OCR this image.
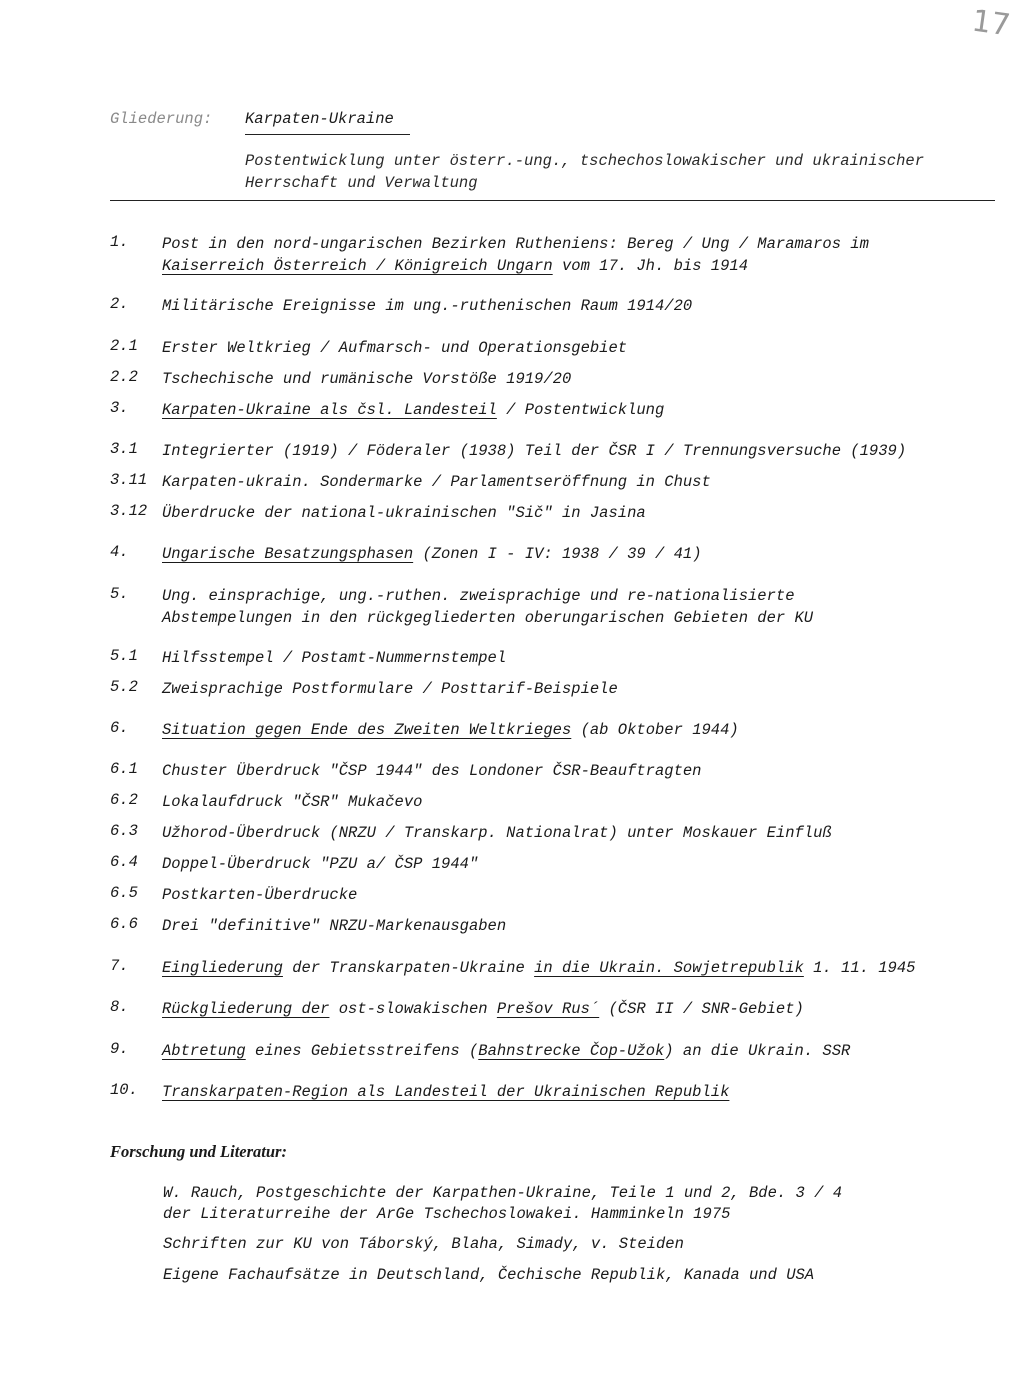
17
Gliederung: Karpaten-Ukraine
Postentwicklung unter österr.-ung., tschechoslowakischer und ukrainischer
Herrschaft und Verwaltung
1.	Post in den nord-ungarischen Bezirken Rutheniens: Bereg / Ung / Maramaros im
Kaiserreich Österreich / Königreich Ungarn vom 17. Jh. bis 1914
2.	Militärische Ereignisse im ung.-ruthenischen Raum 1914/20
2.1	Erster Weltkrieg / Aufmarsch- und Operationsgebiet
2.2	Tschechische und rumänische Vorstöße 1919/20
3.	Karpaten-Ukraine als čsl. Landesteil / Postentwicklung
3.1	Integrierter (1919) / Föderaler (1938) Teil der ČSR I / Trennungsversuche (1939)
3.11 Karpaten-ukrain. Sondermarke / Parlamentseröffnung in Chust
3.12 Überdrucke der national-ukrainischen "Sič" in Jasina
4.	Ungarische Besatzungsphasen (Zonen I - IV: 1938 / 39 / 41)
5.	Ung. einsprachige, ung.-ruthen. zweisprachige und re-nationalisierte
Abstempelungen in den rückgegliederten oberungarischen Gebieten der KU
5.1	Hilfsstempel / Postamt-Nummernstempel
5.2	Zweisprachige Postformulare / Posttarif-Beispiele
6.	Situation gegen Ende des Zweiten Weltkrieges (ab Oktober 1944)
6.1	Chuster Überdruck "ČSP 1944" des Londoner ČSR-Beauftragten
6.2	Lokalaufdruck "ČSR" Mukačevo
6.3	Užhorod-Überdruck (NRZU / Transkarp. Nationalrat) unter Moskauer Einfluß
6.4	Doppel-Überdruck "PZU a/ ČSP 1944"
6.5	Postkarten-Überdrucke
6.6	Drei "definitive" NRZU-Markenausgaben
7.	Eingliederung der Transkarpaten-Ukraine in die Ukrain. Sowjetrepublik 1. 11. 1945
8.	Rückgliederung der ost-slowakischen Prešov Rus´ (ČSR II / SNR-Gebiet)
9.	Abtretung eines Gebietsstreifens (Bahnstrecke Čop-Užok) an die Ukrain. SSR
10.	Transkarpaten-Region als Landesteil der Ukrainischen Republik
Forschung und Literatur:
W. Rauch, Postgeschichte der Karpathen-Ukraine, Teile 1 und 2, Bde. 3 / 4
der Literaturreihe der ArGe Tschechoslowakei. Hamminkeln 1975
Schriften zur KU von Táborský, Blaha, Simady, v. Steiden
Eigene Fachaufsätze in Deutschland, Čechische Republik, Kanada und USA
